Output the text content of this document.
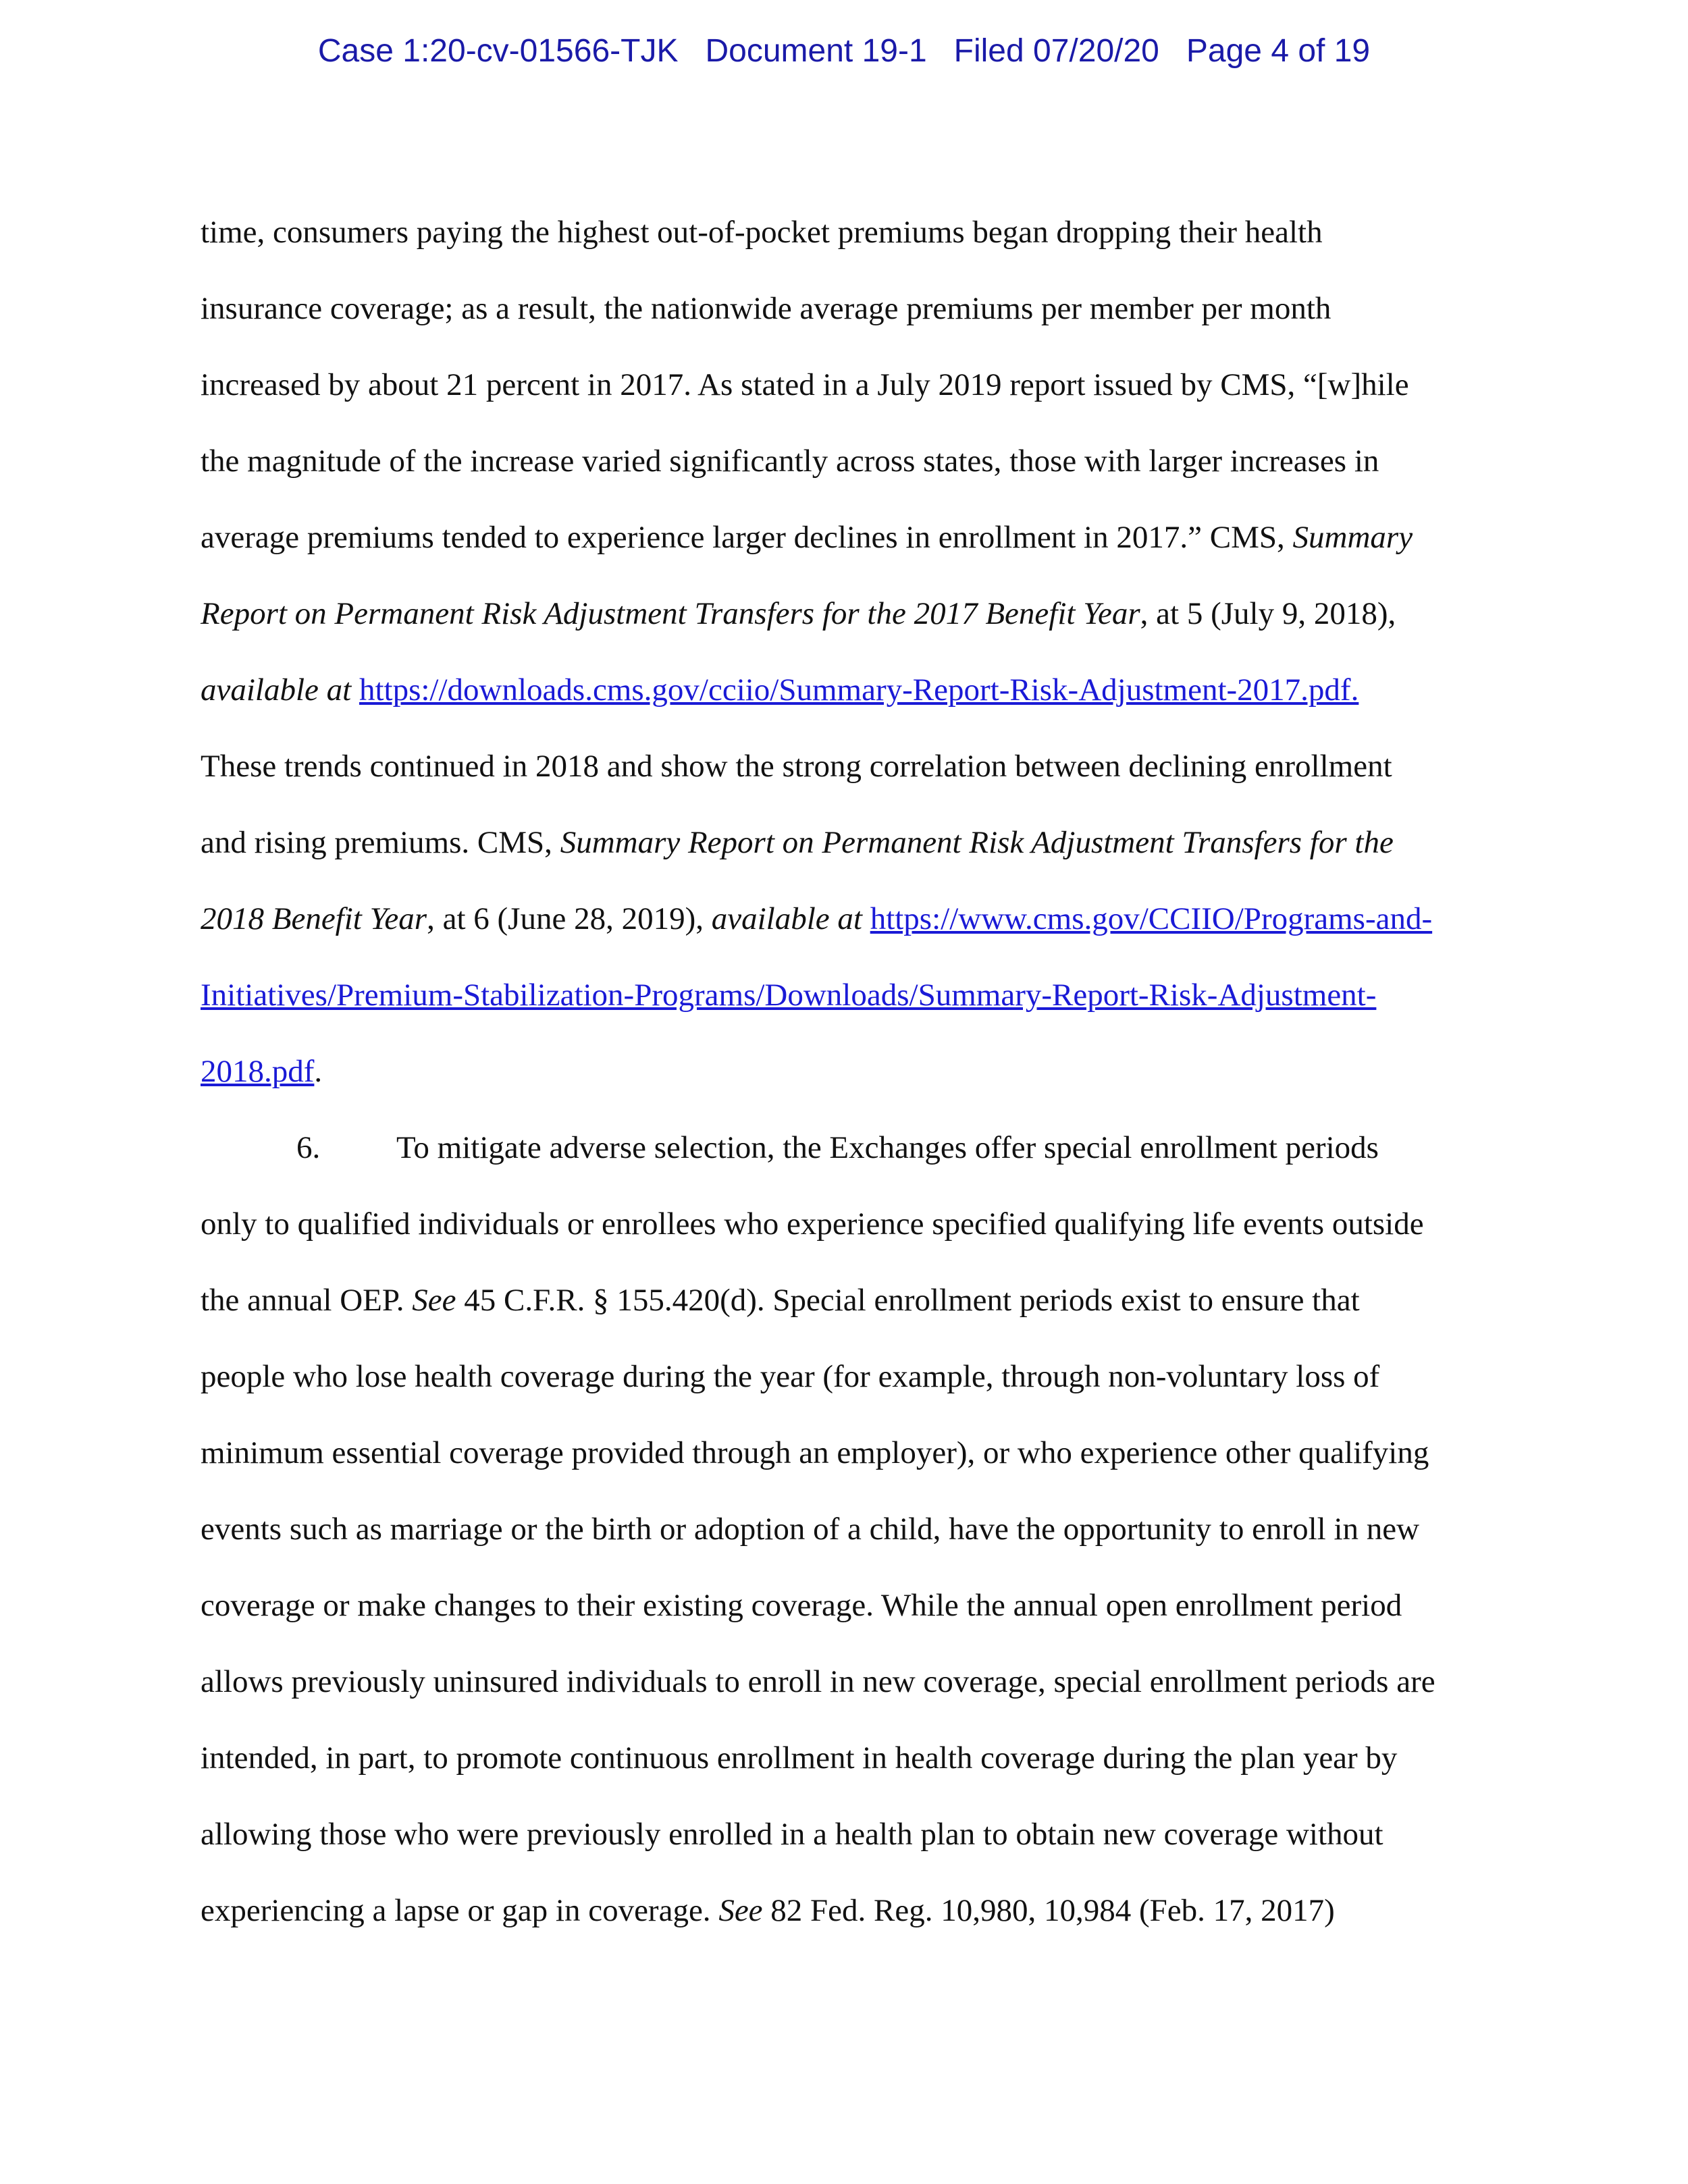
Case 1:20-cv-01566-TJK Document 19-1 Filed 07/20/20 Page 4 of 19
time, consumers paying the highest out-of-pocket premiums began dropping their health
insurance coverage; as a result, the nationwide average premiums per member per month
increased by about 21 percent in 2017. As stated in a July 2019 report issued by CMS, “[w]hile
the magnitude of the increase varied significantly across states, those with larger increases in
average premiums tended to experience larger declines in enrollment in 2017.” CMS, Summary
Report on Permanent Risk Adjustment Transfers for the 2017 Benefit Year, at 5 (July 9, 2018),
available at https://downloads.cms.gov/cciio/Summary-Report-Risk-Adjustment-2017.pdf.
These trends continued in 2018 and show the strong correlation between declining enrollment
and rising premiums. CMS, Summary Report on Permanent Risk Adjustment Transfers for the
2018 Benefit Year, at 6 (June 28, 2019), available at https://www.cms.gov/CCIIO/Programs-and-
Initiatives/Premium-Stabilization-Programs/Downloads/Summary-Report-Risk-Adjustment-
2018.pdf.
6. To mitigate adverse selection, the Exchanges offer special enrollment periods
only to qualified individuals or enrollees who experience specified qualifying life events outside
the annual OEP. See 45 C.F.R. § 155.420(d). Special enrollment periods exist to ensure that
people who lose health coverage during the year (for example, through non-voluntary loss of
minimum essential coverage provided through an employer), or who experience other qualifying
events such as marriage or the birth or adoption of a child, have the opportunity to enroll in new
coverage or make changes to their existing coverage. While the annual open enrollment period
allows previously uninsured individuals to enroll in new coverage, special enrollment periods are
intended, in part, to promote continuous enrollment in health coverage during the plan year by
allowing those who were previously enrolled in a health plan to obtain new coverage without
experiencing a lapse or gap in coverage. See 82 Fed. Reg. 10,980, 10,984 (Feb. 17, 2017)
